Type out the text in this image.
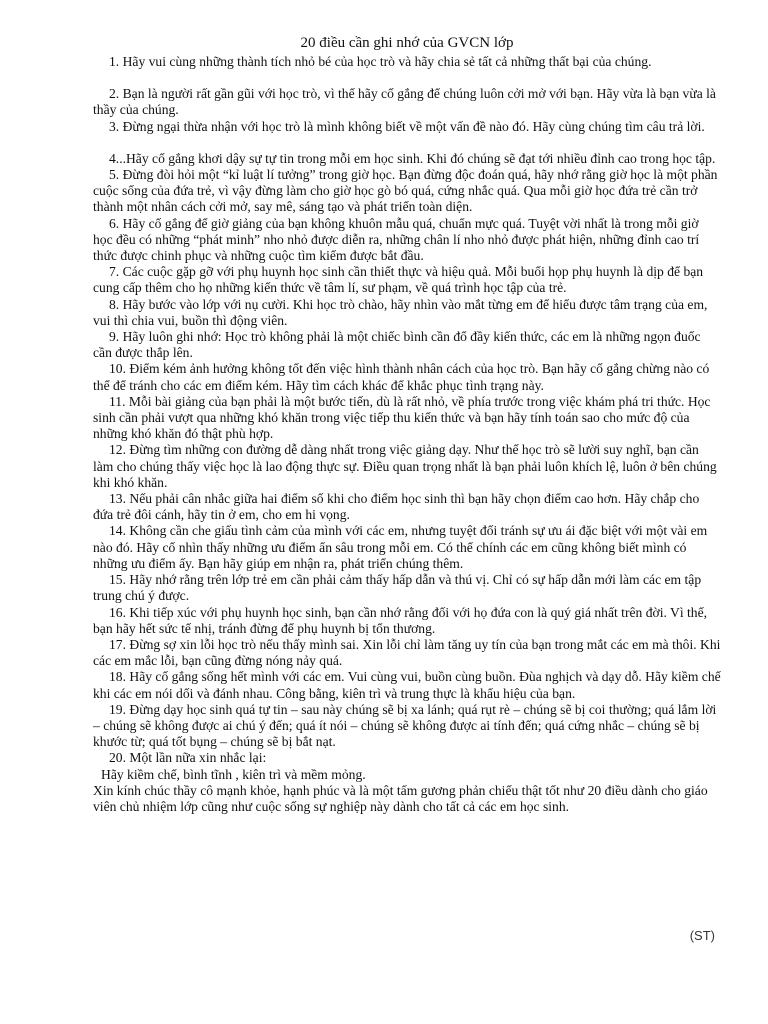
20 điều cần ghi nhớ của GVCN lớp

1. Hãy vui cùng những thành tích nhỏ bé của học trò và hãy chia sẻ tất cả những thất bại của chúng.

2. Bạn là người rất gần gũi với học trò, vì thế hãy cố gắng để chúng luôn cởi mở với bạn. Hãy vừa là bạn vừa là thầy của chúng.

3. Đừng ngại thừa nhận với học trò là mình không biết về một vấn đề nào đó. Hãy cùng chúng tìm câu trả lời.

4...Hãy cố gắng khơi dậy sự tự tin trong mỗi em học sinh. Khi đó chúng sẽ đạt tới nhiều đỉnh cao trong học tập.

5. Đừng đòi hỏi một “kỉ luật lí tưởng” trong giờ học. Bạn đừng độc đoán quá, hãy nhớ rằng giờ học là một phần cuộc sống của đứa trẻ, vì vậy đừng làm cho giờ học gò bó quá, cứng nhắc quá. Qua mỗi giờ học đứa trẻ cần trở thành một nhân cách cởi mở, say mê, sáng tạo và phát triển toàn diện.

6. Hãy cố gắng để giờ giảng của bạn không khuôn mẫu quá, chuẩn mực quá. Tuyệt vời nhất là trong mỗi giờ học đều có những “phát minh” nho nhỏ được diễn ra, những chân lí nho nhỏ được phát hiện, những đỉnh cao trí thức được chinh phục và những cuộc tìm kiếm được bắt đầu.

7. Các cuộc gặp gỡ với phụ huynh học sinh cần thiết thực và hiệu quả. Mỗi buổi họp phụ huynh là dịp để bạn cung cấp thêm cho họ những kiến thức về tâm lí, sư phạm, về quá trình học tập của trẻ.

8. Hãy bước vào lớp với nụ cười. Khi học trò chào, hãy nhìn vào mắt từng em để hiểu được tâm trạng của em, vui thì chia vui, buồn thì động viên.

9. Hãy luôn ghi nhớ: Học trò không phải là một chiếc bình cần đổ đầy kiến thức, các em là những ngọn đuốc cần được thắp lên.

10. Điểm kém ảnh hưởng không tốt đến việc hình thành nhân cách của học trò. Bạn hãy cố gắng chừng nào có thể để tránh cho các em điểm kém. Hãy tìm cách khác để khắc phục tình trạng này.

11. Mỗi bài giảng của bạn phải là một bước tiến, dù là rất nhỏ, về phía trước trong việc khám phá tri thức. Học sinh cần phải vượt qua những khó khăn trong việc tiếp thu kiến thức và bạn hãy tính toán sao cho mức độ của những khó khăn đó thật phù hợp.

12. Đừng tìm những con đường dễ dàng nhất trong việc giảng dạy. Như thế học trò sẽ lười suy nghĩ, bạn cần làm cho chúng thấy việc học là lao động thực sự. Điều quan trọng nhất là bạn phải luôn khích lệ, luôn ở bên chúng khi khó khăn.

13. Nếu phải cân nhắc giữa hai điểm số khi cho điểm học sinh thì bạn hãy chọn điểm cao hơn. Hãy chắp cho đứa trẻ đôi cánh, hãy tin ở em, cho em hi vọng.

14. Không cần che giấu tình cảm của mình với các em, nhưng tuyệt đối tránh sự ưu ái đặc biệt với một vài em nào đó. Hãy cố nhìn thấy những ưu điểm ẩn sâu trong mỗi em. Có thể chính các em cũng không biết mình có những ưu điểm ấy. Bạn hãy giúp em nhận ra, phát triển chúng thêm.

15. Hãy nhớ rằng trên lớp trẻ em cần phải cảm thấy hấp dẫn và thú vị. Chỉ có sự hấp dẫn mới làm các em tập trung chú ý được.

16. Khi tiếp xúc với phụ huynh học sinh, bạn cần nhớ rằng đối với họ đứa con là quý giá nhất trên đời. Vì thế, bạn hãy hết sức tế nhị, tránh đừng để phụ huynh bị tổn thương.

17. Đừng sợ xin lỗi học trò nếu thấy mình sai. Xin lỗi chỉ làm tăng uy tín của bạn trong mắt các em mà thôi. Khi các em mắc lỗi, bạn cũng đừng nóng nảy quá.

18. Hãy cố gắng sống hết mình với các em. Vui cùng vui, buồn cùng buồn. Đùa nghịch và dạy dỗ. Hãy kiềm chế khi các em nói dối và đánh nhau. Công bằng, kiên trì và trung thực là khẩu hiệu của bạn.

19. Đừng dạy học sinh quá tự tin – sau này chúng sẽ bị xa lánh; quá rụt rè – chúng sẽ bị coi thường; quá lắm lời – chúng sẽ không được ai chú ý đến; quá ít nói – chúng sẽ không được ai tính đến; quá cứng nhắc – chúng sẽ bị khước từ; quá tốt bụng – chúng sẽ bị bắt nạt.

20. Một lần nữa xin nhắc lại:

Hãy kiềm chế, bình tĩnh , kiên trì và mềm mỏng.

Xin kính chúc thầy cô mạnh khỏe, hạnh phúc và là một tấm gương phản chiếu thật tốt như 20 điều dành cho giáo viên chủ nhiệm lớp cũng như cuộc sống sự nghiệp này dành cho tất cả các em học sinh.

(ST)
